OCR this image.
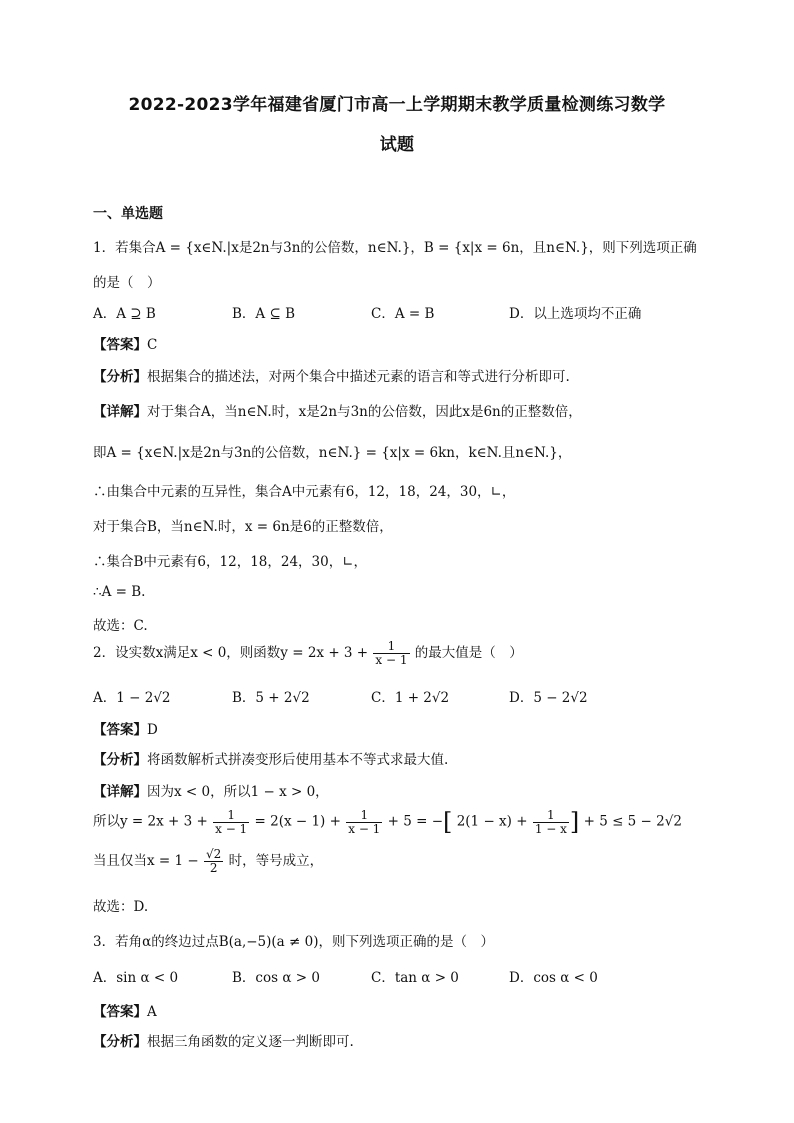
2022-2023学年福建省厦门市高一上学期期末教学质量检测练习数学
试题
一、单选题
1．若集合A = {x∈N.|x是2n与3n的公倍数，n∈N.}，B = {x|x = 6n，且n∈N.}，则下列选项正确
的是（　）
A．A ⊇ B	B．A ⊆ B	C．A = B	D．以上选项均不正确
【答案】C
【分析】根据集合的描述法，对两个集合中描述元素的语言和等式进行分析即可.
【详解】对于集合A，当n∈N.时，x是2n与3n的公倍数，因此x是6n的正整数倍，
即A = {x∈N.|x是2n与3n的公倍数，n∈N.} = {x|x = 6kn，k∈N.且n∈N.}，
∴由集合中元素的互异性，集合A中元素有6，12，18，24，30，∟，
对于集合B，当n∈N.时，x = 6n是6的正整数倍，
∴集合B中元素有6，12，18，24，30，∟，
∴A = B.
故选：C.
2．设实数x满足x < 0，则函数$y = 2x + 3 + \frac{1}{x - 1}$ 的最大值是（　）
A．1 − 2√2	B．5 + 2√2	C．1 + 2√2	D．5 − 2√2
【答案】D
【分析】将函数解析式拼凑变形后使用基本不等式求最大值.
【详解】因为x < 0，所以1 − x > 0，
所以$y = 2x + 3 + \frac{1}{x - 1} = 2(x - 1) + \frac{1}{x - 1} + 5$ = −[ $2(1 - x) + \frac{1}{1 - x}$ ] + 5 ≤ 5 − 2√2
当且仅当$x = 1 - \frac{√2}{2}$ 时，等号成立，
故选：D.
3．若角α的终边过点B(a,−5)(a ≠ 0)，则下列选项正确的是（　）
A．sin α < 0	B．cos α > 0	C．tan α > 0	D．cos α < 0
【答案】A
【分析】根据三角函数的定义逐一判断即可.
